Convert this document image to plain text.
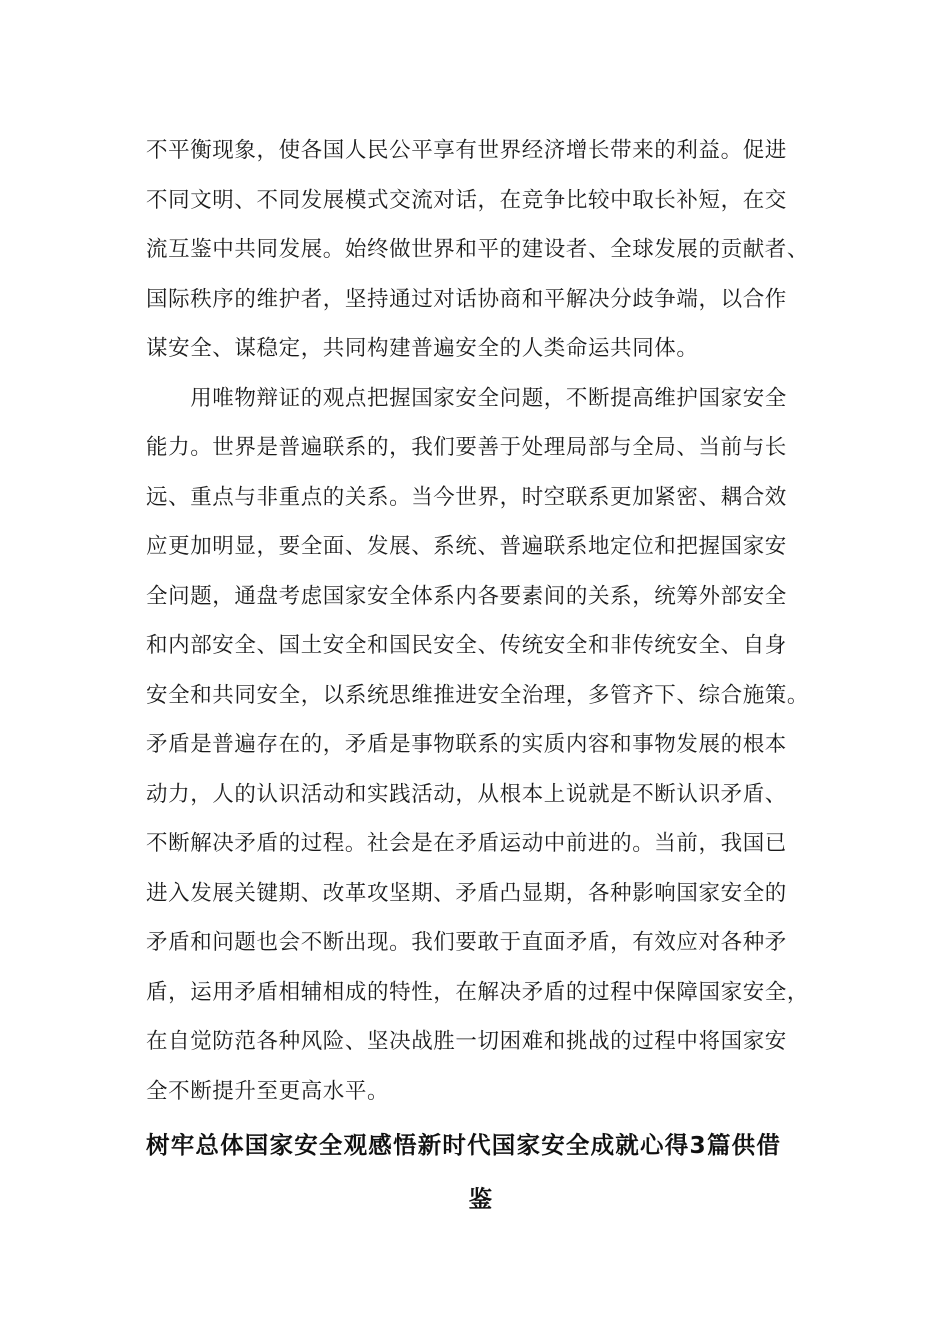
不平衡现象，使各国人民公平享有世界经济增长带来的利益。促进
不同文明、不同发展模式交流对话，在竞争比较中取长补短，在交
流互鉴中共同发展。始终做世界和平的建设者、全球发展的贡献者、
国际秩序的维护者，坚持通过对话协商和平解决分歧争端，以合作
谋安全、谋稳定，共同构建普遍安全的人类命运共同体。
　　用唯物辩证的观点把握国家安全问题，不断提高维护国家安全
能力。世界是普遍联系的，我们要善于处理局部与全局、当前与长
远、重点与非重点的关系。当今世界，时空联系更加紧密、耦合效
应更加明显，要全面、发展、系统、普遍联系地定位和把握国家安
全问题，通盘考虑国家安全体系内各要素间的关系，统筹外部安全
和内部安全、国土安全和国民安全、传统安全和非传统安全、自身
安全和共同安全，以系统思维推进安全治理，多管齐下、综合施策。
矛盾是普遍存在的，矛盾是事物联系的实质内容和事物发展的根本
动力，人的认识活动和实践活动，从根本上说就是不断认识矛盾、
不断解决矛盾的过程。社会是在矛盾运动中前进的。当前，我国已
进入发展关键期、改革攻坚期、矛盾凸显期，各种影响国家安全的
矛盾和问题也会不断出现。我们要敢于直面矛盾，有效应对各种矛
盾，运用矛盾相辅相成的特性，在解决矛盾的过程中保障国家安全，
在自觉防范各种风险、坚决战胜一切困难和挑战的过程中将国家安
全不断提升至更高水平。
树牢总体国家安全观感悟新时代国家安全成就心得3篇供借
鉴
